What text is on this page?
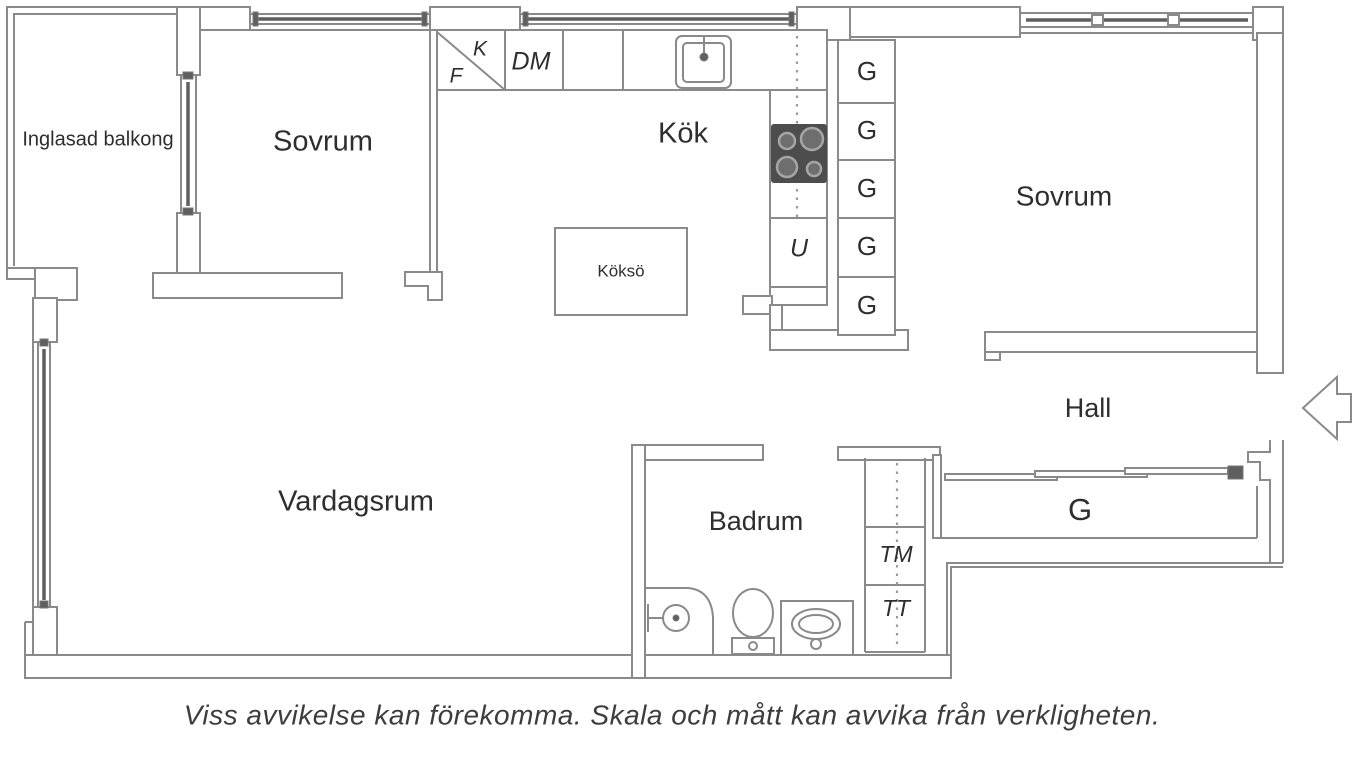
Inglasad balkong	Sovrum	Kök
Köksö
Sovrum
Hall
Vardagsrum
Badrum
K
F
DM
U
G
G
G
G
G
G
TM
TT
Viss avvikelse kan förekomma. Skala och mått kan avvika från verkligheten.
